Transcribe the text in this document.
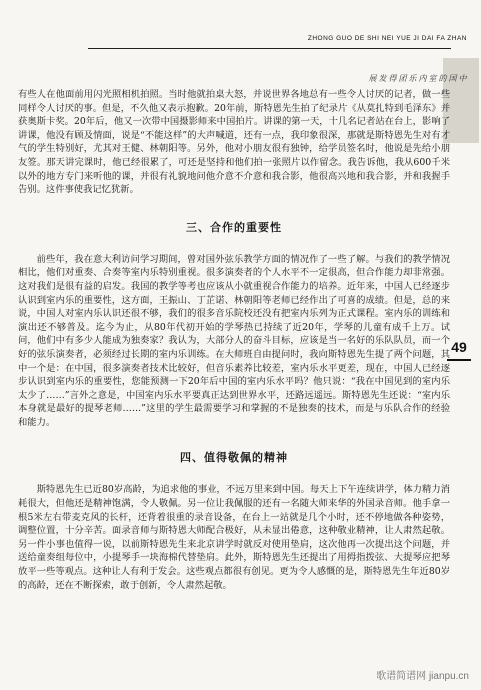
ZHONG GUO DE SHI NEI YUE JI DAI FA ZHAN
中国的室内乐团得发展
49

有些人在他面前用闪光照相机拍照。当时他就拍桌大怒，并说世界各地总有一些令人讨厌的记者，做一些同样令人讨厌的事。但是，不久他又表示抱歉。20年前，斯特恩先生拍了纪录片《从莫扎特到毛泽东》并获奥斯卡奖。20年后，他又一次带中国摄影师来中国拍片。讲课的第一天，十几名记者站在台上，影响了讲课，他没有顾及情面，说是“不能这样”的大声喊道，还有一点，我印象很深，那就是斯特恩先生对有才气的学生特别好，尤其对王健、林朝阳等。另外，他对小朋友很有独钟，给学员签名时，他说是先给小朋友签。那天讲完课时，他已经很累了，可还是坚持和他们拍一张照片以作留念。我告诉他，我从600千米以外的地方专门来听他的课，并很有礼貌地问他介意不介意和我合影，他很高兴地和我合影，并和我握手告别。这件事使我记忆犹新。

三、合作的重要性

前些年，我在意大利访问学习期间，曾对国外弦乐教学方面的情况作了一些了解。与我们的教学情况相比，他们对重奏、合奏等室内乐特别重视。很多演奏者的个人水平不一定很高，但合作能力却非常强。这对我们是很有益的启发。我国的教学等考也应该从小就重视合作能力的培养。近年来，中国人已经逐步认识到室内乐的重要性，这方面，王振山、丁芷诺、林朝阳等老师已经作出了可喜的成绩。但是，总的来说，中国人对室内乐认识还很不够，我们的很多音乐院校还没有把室内乐列为正式课程。室内乐的训练和演出还不够普及。迄今为止，从80年代初开始的学琴热已持续了近20年，学琴的儿童有成千上万。试问，他们中有多少人能成为独奏家？我认为，大部分人的奋斗目标，应该是当一名好的乐队队员，而一个好的弦乐演奏者，必须经过长期的室内乐训练。在大师班自由提问时，我向斯特恩先生提了两个问题，其中一个是：在中国，很多演奏者技术比较好，但音乐素养比较差，室内乐水平更差，现在，中国人已经逐步认识到室内乐的重要性，您能预测一下20年后中国的室内乐水平吗？他只说：“我在中国见到的室内乐太少了……”言外之意是，中国室内乐水平要真正达到世界水平，还路远遥远。斯特恩先生还说：“室内乐本身就是最好的提琴老师……”这里的学生最需要学习和掌握的不是独奏的技术，而是与乐队合作的经验和能力。

四、值得敬佩的精神

斯特恩先生已近80岁高龄，为追求他的事业，不远万里来到中国。每天上下午连续讲学，体力精力消耗很大，但他还是精神饱满，令人敬佩。另一位让我佩服的还有一名随大师来华的外国录音师。他手拿一根5米左右带麦克风的长杆，还背着很重的录音设备，在台上一站就是几个小时，还不停地做各种姿势，调整位置，十分辛苦。面录音师与斯特恩大师配合极好，从未显出倦意，这种敬业精神，让人肃然起敬。另一件小事也值得一说，以前斯特恩先生来北京讲学时就反对使用垫肩，这次他再一次提出这个问题，并送给童奏组每位中，小提琴手一块海棉代替垫肩。此外，斯特恩先生还提出了用拇指拨弦、大提琴应把琴放平一些等观点。这种让人有利于发会。这些观点都很有创见。更为令人感慨的是，斯特恩先生年近80岁的高龄，还在不断探索，敢于创新，令人肃然起敬。

歌谱简谱网 jianpu.cn
